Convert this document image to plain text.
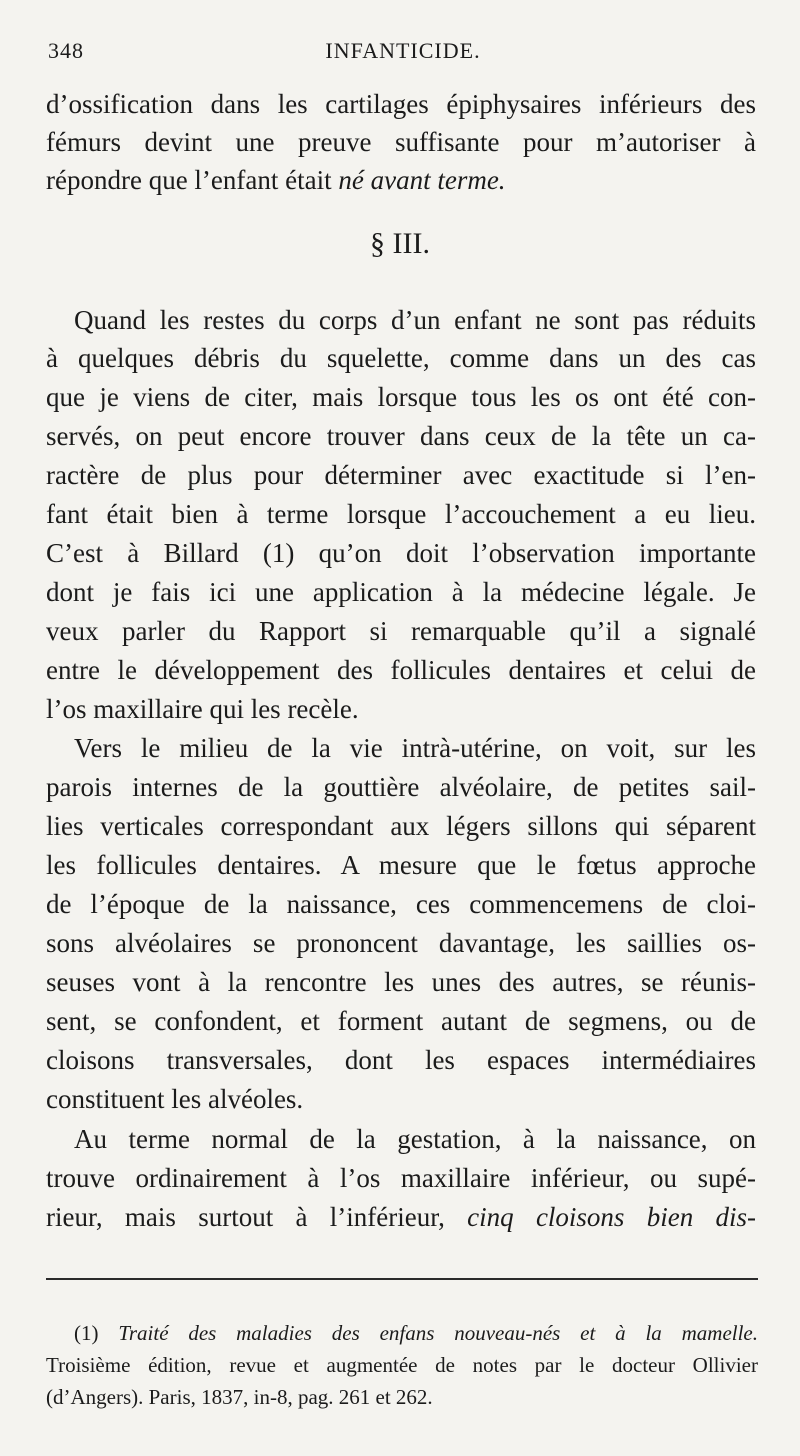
348	INFANTICIDE.
d’ossification dans les cartilages épiphysaires inférieurs des
fémurs devint une preuve suffisante pour m’autoriser à
répondre que l’enfant était né avant terme.
§ III.
Quand les restes du corps d’un enfant ne sont pas réduits
à quelques débris du squelette, comme dans un des cas
que je viens de citer, mais lorsque tous les os ont été con-
servés, on peut encore trouver dans ceux de la tête un ca-
ractère de plus pour déterminer avec exactitude si l’en-
fant était bien à terme lorsque l’accouchement a eu lieu.
C’est à Billard (1) qu’on doit l’observation importante
dont je fais ici une application à la médecine légale. Je
veux parler du Rapport si remarquable qu’il a signalé
entre le développement des follicules dentaires et celui de
l’os maxillaire qui les recèle.
Vers le milieu de la vie intrà-utérine, on voit, sur les
parois internes de la gouttière alvéolaire, de petites sail-
lies verticales correspondant aux légers sillons qui séparent
les follicules dentaires. A mesure que le fœtus approche
de l’époque de la naissance, ces commencemens de cloi-
sons alvéolaires se prononcent davantage, les saillies os-
seuses vont à la rencontre les unes des autres, se réunis-
sent, se confondent, et forment autant de segmens, ou de
cloisons transversales, dont les espaces intermédiaires
constituent les alvéoles.
Au terme normal de la gestation, à la naissance, on
trouve ordinairement à l’os maxillaire inférieur, ou supé-
rieur, mais surtout à l’inférieur, cinq cloisons bien dis-
(1) Traité des maladies des enfans nouveau-nés et à la mamelle.
Troisième édition, revue et augmentée de notes par le docteur Ollivier
(d’Angers). Paris, 1837, in-8, pag. 261 et 262.
